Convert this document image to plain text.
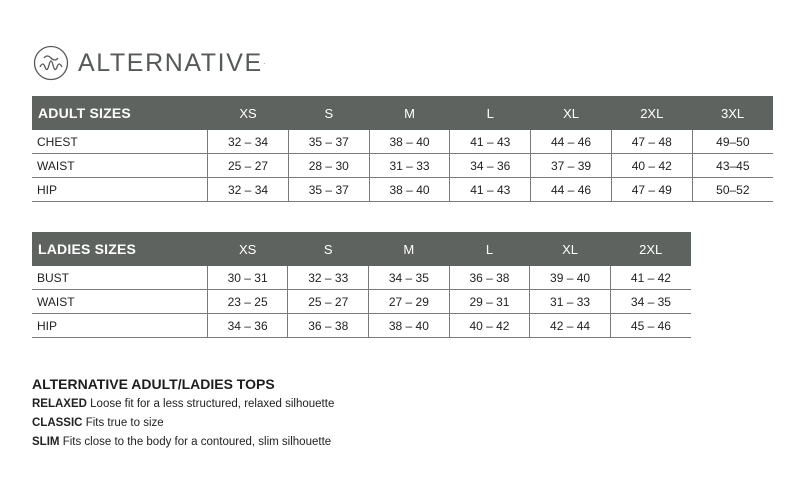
ALTERNATIVE .
ADULT SIZES	XS	S	M	L	XL	2XL	3XL
CHEST	32 – 34	35 – 37	38 – 40	41 – 43	44 – 46	47 – 48	49–50
WAIST	25 – 27	28 – 30	31 – 33	34 – 36	37 – 39	40 – 42	43–45
HIP	32 – 34	35 – 37	38 – 40	41 – 43	44 – 46	47 – 49	50–52
LADIES SIZES	XS	S	M	L	XL	2XL
BUST	30 – 31	32 – 33	34 – 35	36 – 38	39 – 40	41 – 42
WAIST	23 – 25	25 – 27	27 – 29	29 – 31	31 – 33	34 – 35
HIP	34 – 36	36 – 38	38 – 40	40 – 42	42 – 44	45 – 46

ALTERNATIVE ADULT/LADIES TOPS

RELAXED Loose fit for a less structured, relaxed silhouette

CLASSIC Fits true to size

SLIM Fits close to the body for a contoured, slim silhouette
